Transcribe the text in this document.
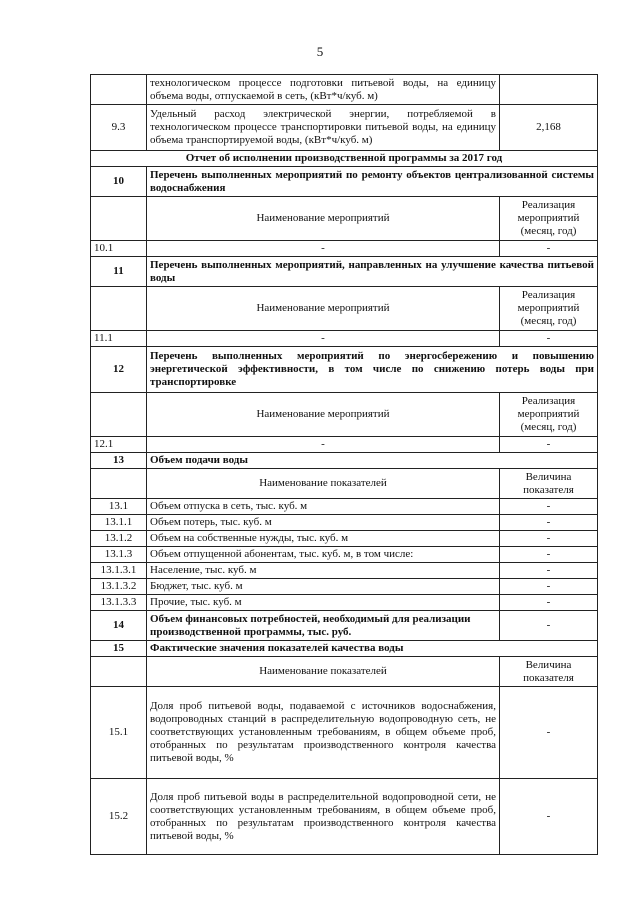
5
	технологическом процессе подготовки питьевой воды, на единицу объема воды, отпускаемой в сеть, (кВт*ч/куб. м)	
9.3	Удельный расход электрической энергии, потребляемой в технологическом процессе транспортировки питьевой воды, на единицу объема транспортируемой воды, (кВт*ч/куб. м)	2,168
Отчет об исполнении производственной программы за 2017 год		
10	Перечень выполненных мероприятий по ремонту объектов централизованной системы водоснабжения	
	Наименование мероприятий	Реализация мероприятий (месяц, год)
10.1	-	-
11	Перечень выполненных мероприятий, направленных на улучшение качества питьевой воды	
	Наименование мероприятий	Реализация мероприятий (месяц, год)
11.1	-	-
12	Перечень выполненных мероприятий по энергосбережению и повышению энергетической эффективности, в том числе по снижению потерь воды при транспортировке	
	Наименование мероприятий	Реализация мероприятий (месяц, год)
12.1	-	-
13	Объем подачи воды	
	Наименование показателей	Величина показателя
13.1	Объем отпуска в сеть, тыс. куб. м	-
13.1.1	Объем потерь, тыс. куб. м	-
13.1.2	Объем на собственные нужды, тыс. куб. м	-
13.1.3	Объем отпущенной абонентам, тыс. куб. м, в том числе:	-
13.1.3.1	Население, тыс. куб. м	-
13.1.3.2	Бюджет, тыс. куб. м	-
13.1.3.3	Прочие, тыс. куб. м	-
14	Объем финансовых потребностей, необходимый для реализации производственной программы, тыс. руб.	-
15	Фактические значения показателей качества воды	
	Наименование показателей	Величина показателя
15.1	Доля проб питьевой воды, подаваемой с источников водоснабжения, водопроводных станций в распределительную водопроводную сеть, не соответствующих установленным требованиям, в общем объеме проб, отобранных по результатам производственного контроля качества питьевой воды, %	-
15.2	Доля проб питьевой воды в распределительной водопроводной сети, не соответствующих установленным требованиям, в общем объеме проб, отобранных по результатам производственного контроля качества питьевой воды, %	-
